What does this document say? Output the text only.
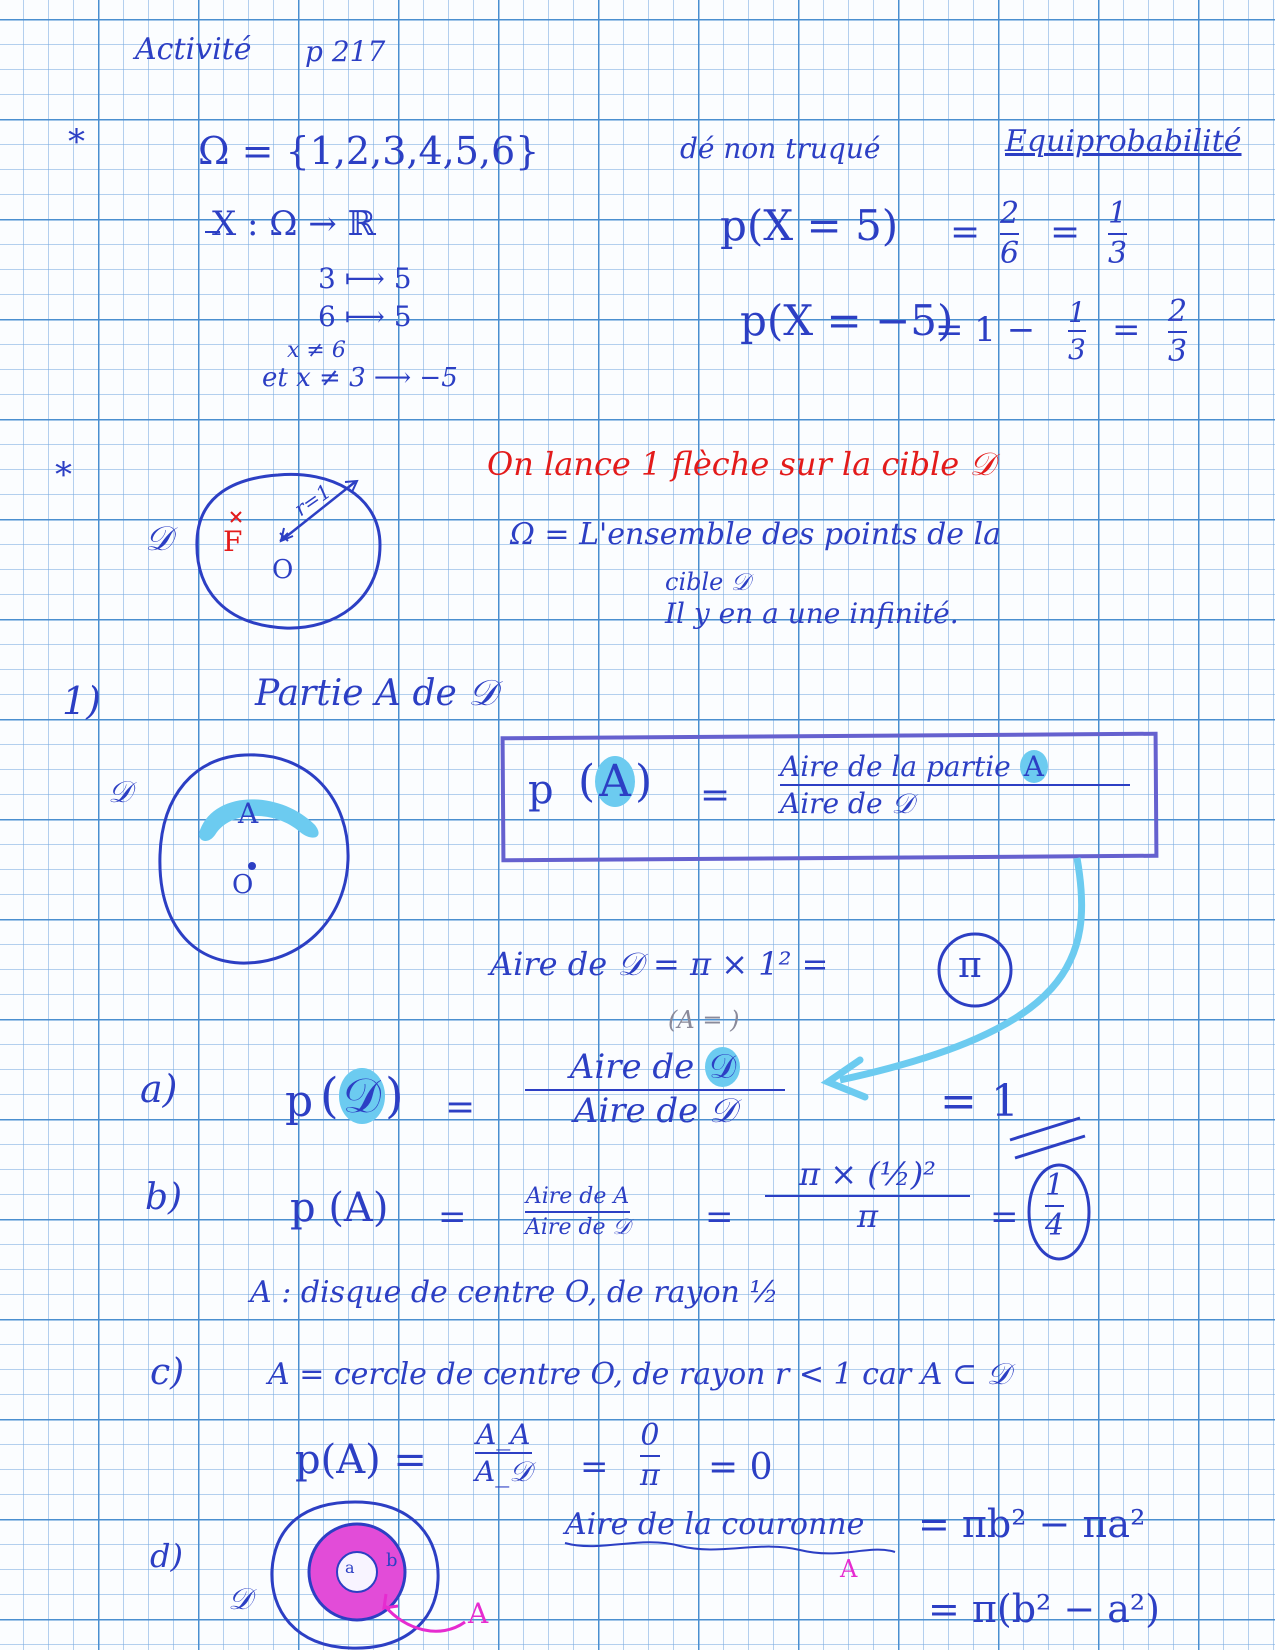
Activité p 217
*	Ω = {1,2,3,4,5,6}	dé non truqué	Equiprobabilité
X : Ω → ℝ
3 ⟼ 5
6 ⟼ 5
x ≠ 6
et x ≠ 3 ⟶ −5
p(X = 5) = 2
6 = 1
3
p(X = −5)
= 1 − 1
3 = 2
3
*	On lance 1 flèche sur la cible 𝒟
𝒟 F
O
r=1
Ω = L'ensemble des points de la
cible 𝒟
Il y en a une infinité.
1)	Partie A de 𝒟
𝒟
A
O
p (A) =
Aire de la partie A
Aire de 𝒟
Aire de 𝒟 = π × 1² =	π
a) p (𝒟) =
(A = )
Aire de 𝒟
Aire de 𝒟	= 1
b)	p (A) =
Aire de A
Aire de 𝒟 =
π × (½)²
π	=
1
4
A : disque de centre O, de rayon ½
c)	A = cercle de centre O, de rayon r < 1 car A ⊂ 𝒟
p(A) =
A_A
A_𝒟 =
0
π = 0
d)
𝒟
a b
A
Aire de la couronne
A
= πb² − πa²
= π(b² − a²)
